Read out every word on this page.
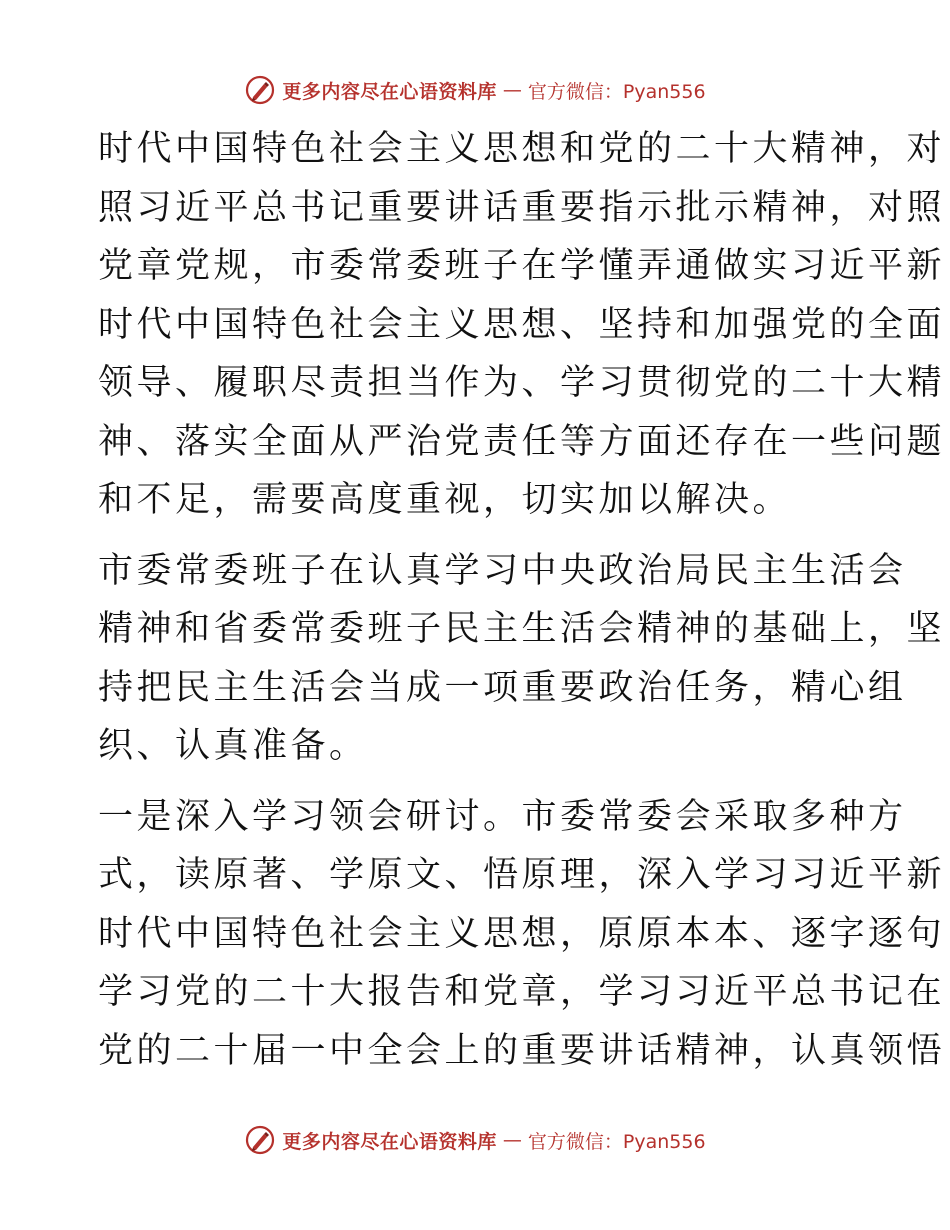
更多内容尽在心语资料库 — 官方微信：Pyan556

时代中国特色社会主义思想和党的二十大精神，对
照习近平总书记重要讲话重要指示批示精神，对照
党章党规，市委常委班子在学懂弄通做实习近平新
时代中国特色社会主义思想、坚持和加强党的全面
领导、履职尽责担当作为、学习贯彻党的二十大精
神、落实全面从严治党责任等方面还存在一些问题
和不足，需要高度重视，切实加以解决。

市委常委班子在认真学习中央政治局民主生活会
精神和省委常委班子民主生活会精神的基础上，坚
持把民主生活会当成一项重要政治任务，精心组
织、认真准备。

一是深入学习领会研讨。市委常委会采取多种方
式，读原著、学原文、悟原理，深入学习习近平新
时代中国特色社会主义思想，原原本本、逐字逐句
学习党的二十大报告和党章，学习习近平总书记在
党的二十届一中全会上的重要讲话精神，认真领悟

更多内容尽在心语资料库 — 官方微信：Pyan556
